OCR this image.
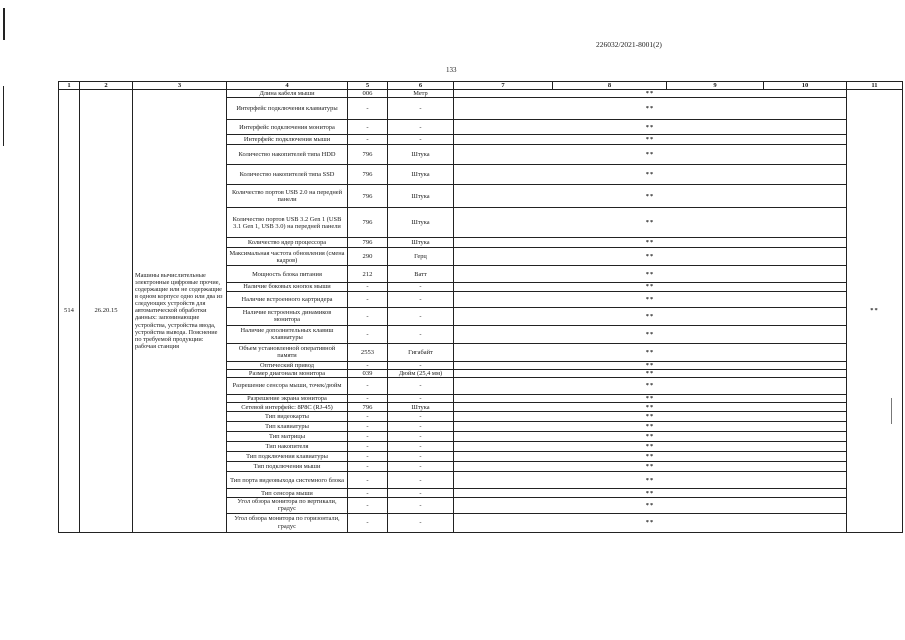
226032/2021-8001(2)
133
1	2	3	4	5	6	7	8	9	10	11
514	26.20.15	Машины вычислительные электронные цифровые прочие, содержащие или не содержащие в одном корпусе одно или два из следующих устройств для автоматической обработки данных: запоминающие устройства, устройства ввода, устройства вывода. Пояснение по требуемой продукции: рабочая станция	Длина кабеля мыши	006	Метр	**				**
			Интерфейс подключения клавиатуры	-	-	**				
			Интерфейс подключения монитора	-	-	**				
			Интерфейс подключения мыши	-	-	**				
			Количество накопителей типа HDD	796	Штука	**				
			Количество накопителей типа SSD	796	Штука	**				
			Количество портов USB 2.0 на передней панели	796	Штука	**				
			Количество портов USB 3.2 Gen 1 (USB 3.1 Gen 1, USB 3.0) на передней панели	796	Штука	**				
			Количество ядер процессора	796	Штука	**				
			Максимальная частота обновления (смена кадров)	290	Герц	**				
			Мощность блока питания	212	Ватт	**				
			Наличие боковых кнопок мыши	-	-	**				
			Наличие встроенного картридера	-	-	**				
			Наличие встроенных динамиков монитора	-	-	**				
			Наличие дополнительных клавиш клавиатуры	-	-	**				
			Объем установленной оперативной памяти	2553	Гигабайт	**				
			Оптический привод	-	-	**				
			Размер диагонали монитора	039	Дюйм (25,4 мм)	**				
			Разрешение сенсора мыши, точек/дюйм	-	-	**				
			Разрешение экрана монитора	-	-	**				
			Сетевой интерфейс: 8P8C (RJ-45)	796	Штука	**				
			Тип видеокарты	-	-	**				
			Тип клавиатуры	-	-	**				
			Тип матрицы	-	-	**				
			Тип накопителя	-	-	**				
			Тип подключения клавиатуры	-	-	**				
			Тип подключения мыши	-	-	**				
			Тип порта видеовыхода системного блока	-	-	**				
			Тип сенсора мыши	-	-	**				
			Угол обзора монитора по вертикали, градус	-	-	**				
			Угол обзора монитора по горизонтали, градус	-	-	**				
